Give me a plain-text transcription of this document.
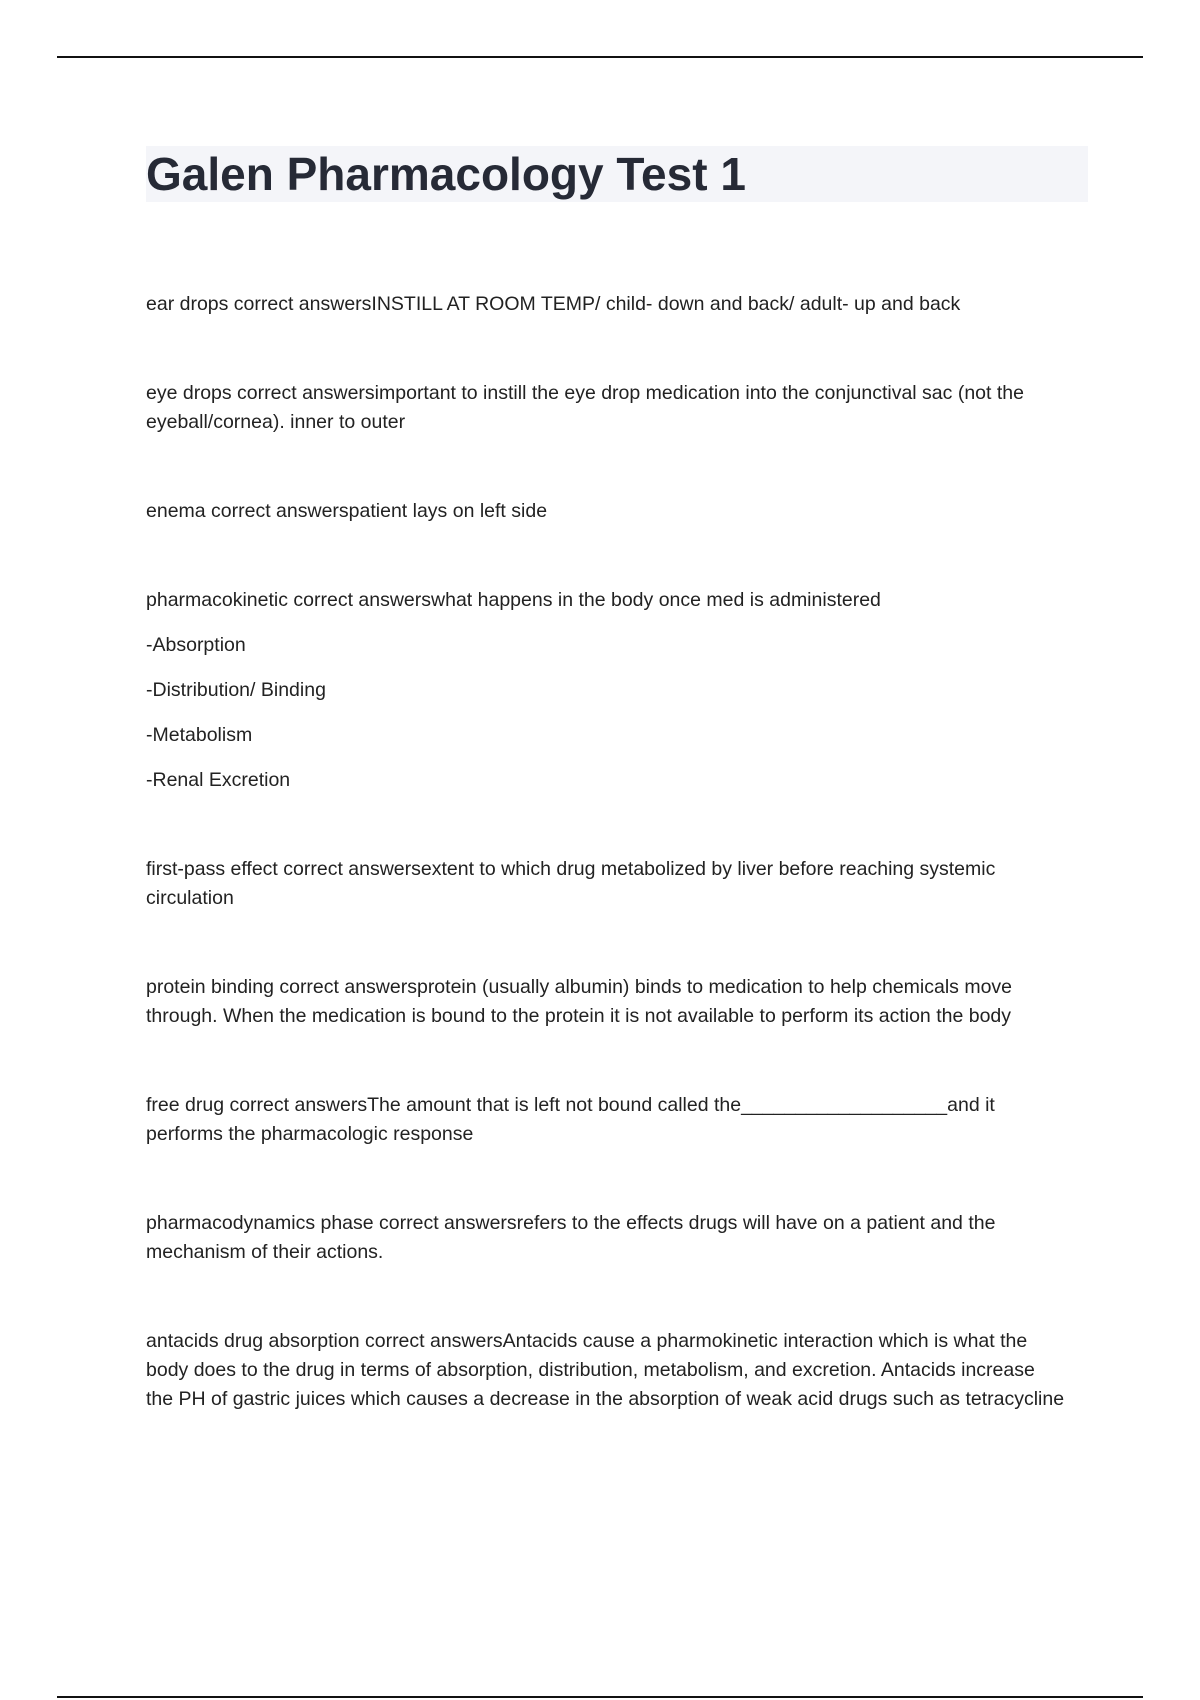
Galen Pharmacology Test 1
ear drops correct answersINSTILL AT ROOM TEMP/ child- down and back/ adult- up and back
eye drops correct answersimportant to instill the eye drop medication into the conjunctival sac (not the
eyeball/cornea). inner to outer
enema correct answerspatient lays on left side
pharmacokinetic correct answerswhat happens in the body once med is administered
-Absorption
-Distribution/ Binding
-Metabolism
-Renal Excretion
first-pass effect correct answersextent to which drug metabolized by liver before reaching systemic
circulation
protein binding correct answersprotein (usually albumin) binds to medication to help chemicals move
through. When the medication is bound to the protein it is not available to perform its action the body
free drug correct answersThe amount that is left not bound called the___________________and it
performs the pharmacologic response
pharmacodynamics phase correct answersrefers to the effects drugs will have on a patient and the
mechanism of their actions.
antacids drug absorption correct answersAntacids cause a pharmokinetic interaction which is what the
body does to the drug in terms of absorption, distribution, metabolism, and excretion. Antacids increase
the PH of gastric juices which causes a decrease in the absorption of weak acid drugs such as tetracycline
